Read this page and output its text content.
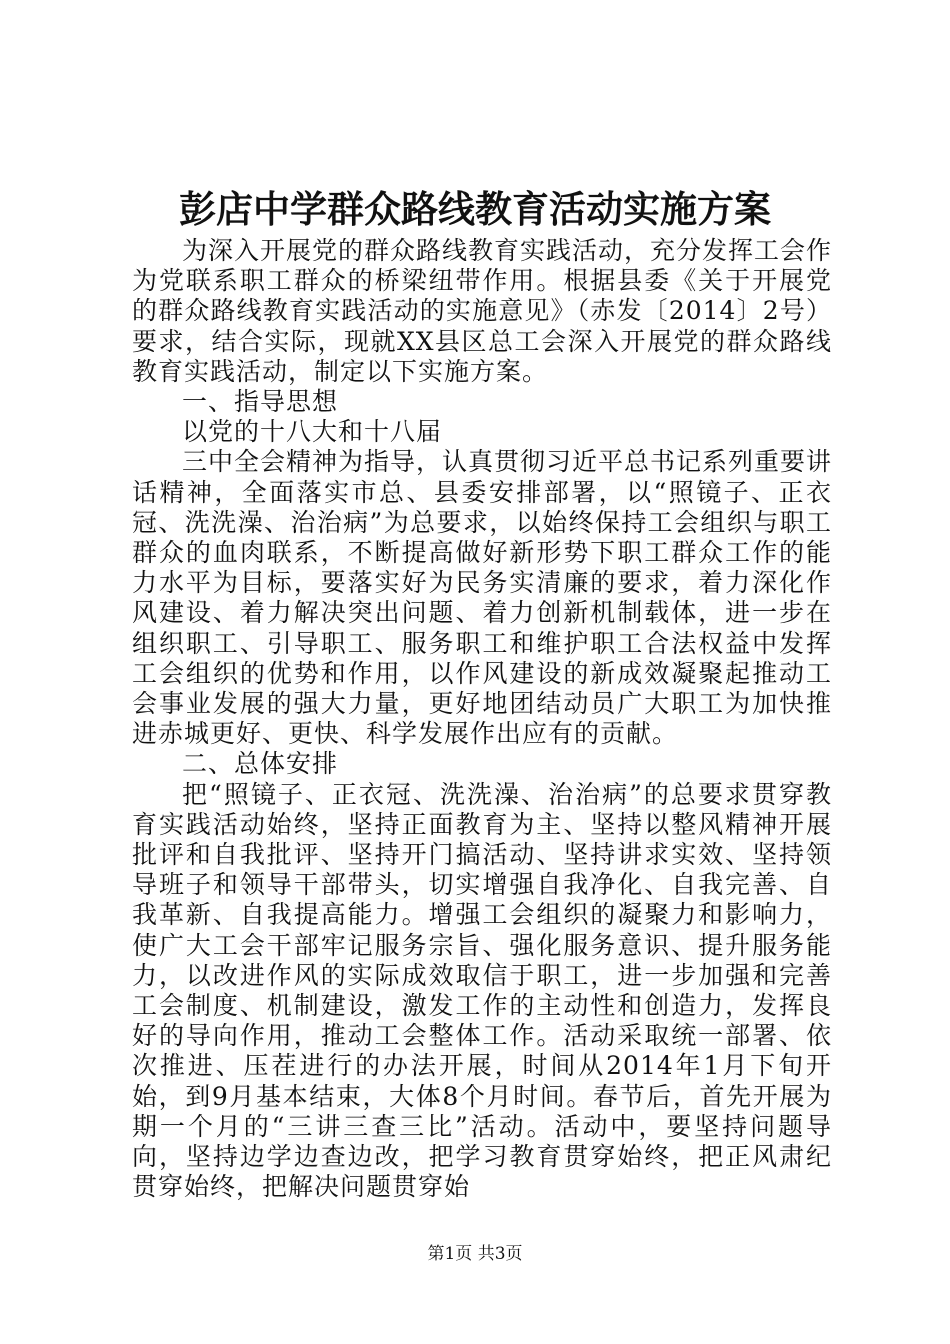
彭店中学群众路线教育活动实施方案

为深入开展党的群众路线教育实践活动，充分发挥工会作为党联系职工群众的桥梁纽带作用。根据县委《关于开展党的群众路线教育实践活动的实施意见》（赤发〔2014〕2号）要求，结合实际，现就XX县区总工会深入开展党的群众路线教育实践活动，制定以下实施方案。

一、指导思想

以党的十八大和十八届

三中全会精神为指导，认真贯彻习近平总书记系列重要讲话精神，全面落实市总、县委安排部署，以“照镜子、正衣冠、洗洗澡、治治病”为总要求，以始终保持工会组织与职工群众的血肉联系，不断提高做好新形势下职工群众工作的能力水平为目标，要落实好为民务实清廉的要求，着力深化作风建设、着力解决突出问题、着力创新机制载体，进一步在组织职工、引导职工、服务职工和维护职工合法权益中发挥工会组织的优势和作用，以作风建设的新成效凝聚起推动工会事业发展的强大力量，更好地团结动员广大职工为加快推进赤城更好、更快、科学发展作出应有的贡献。

二、总体安排

把“照镜子、正衣冠、洗洗澡、治治病”的总要求贯穿教育实践活动始终，坚持正面教育为主、坚持以整风精神开展批评和自我批评、坚持开门搞活动、坚持讲求实效、坚持领导班子和领导干部带头，切实增强自我净化、自我完善、自我革新、自我提高能力。增强工会组织的凝聚力和影响力，使广大工会干部牢记服务宗旨、强化服务意识、提升服务能力，以改进作风的实际成效取信于职工，进一步加强和完善工会制度、机制建设，激发工作的主动性和创造力，发挥良好的导向作用，推动工会整体工作。活动采取统一部署、依次推进、压茬进行的办法开展，时间从2014年1月下旬开始，到9月基本结束，大体8个月时间。春节后，首先开展为期一个月的“三讲三查三比”活动。活动中，要坚持问题导向，坚持边学边查边改，把学习教育贯穿始终，把正风肃纪贯穿始终，把解决问题贯穿始

第1页 共3页
